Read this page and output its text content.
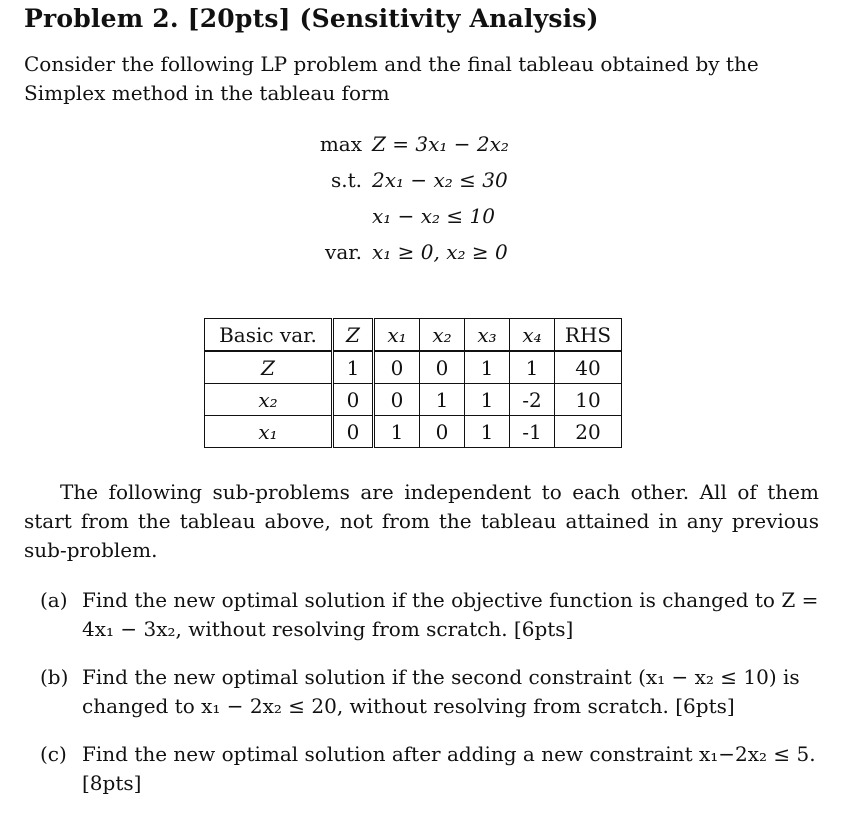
Problem 2. [20pts] (Sensitivity Analysis)
Consider the following LP problem and the final tableau obtained by the Simplex method in the tableau form
max Z = 3x₁ − 2x₂
s.t. 2x₁ − x₂ ≤ 30
x₁ − x₂ ≤ 10
var. x₁ ≥ 0, x₂ ≥ 0
Basic var.	Z	x₁	x₂	x₃	x₄	RHS
Z	1	0	0	1	1	40
x₂	0	0	1	1	-2	10
x₁	0	1	0	1	-1	20
The following sub-problems are independent to each other. All of them start from the tableau above, not from the tableau attained in any previous sub-problem.
(a) Find the new optimal solution if the objective function is changed to Z = 4x₁ − 3x₂, without resolving from scratch. [6pts]
(b) Find the new optimal solution if the second constraint (x₁ − x₂ ≤ 10) is changed to x₁ − 2x₂ ≤ 20, without resolving from scratch. [6pts]
(c) Find the new optimal solution after adding a new constraint x₁−2x₂ ≤ 5. [8pts]
